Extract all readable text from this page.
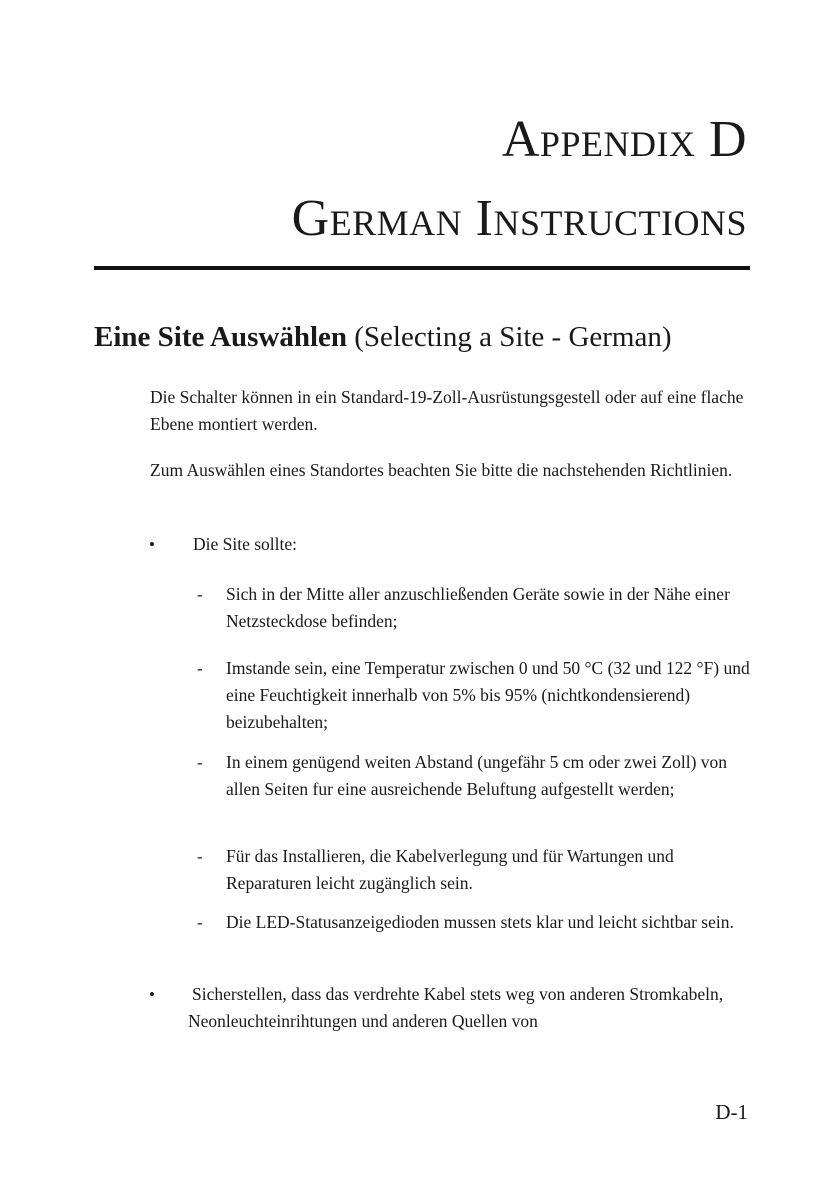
Appendix D
German Instructions
Eine Site Auswählen (Selecting a Site - German)

Die Schalter können in ein Standard-19-Zoll-Ausrüstungsgestell oder auf eine flache Ebene montiert werden.

Zum Auswählen eines Standortes beachten Sie bitte die nachstehenden Richtlinien.

• Die Site sollte:

- Sich in der Mitte aller anzuschließenden Geräte sowie in der Nähe einer Netzsteckdose befinden;

- Imstande sein, eine Temperatur zwischen 0 und 50 °C (32 und 122 °F) und eine Feuchtigkeit innerhalb von 5% bis 95% (nichtkondensierend) beizubehalten;

- In einem genügend weiten Abstand (ungefähr 5 cm oder zwei Zoll) von allen Seiten fur eine ausreichende Beluftung aufgestellt werden;

- Für das Installieren, die Kabelverlegung und für Wartungen und Reparaturen leicht zugänglich sein.

- Die LED-Statusanzeigedioden mussen stets klar und leicht sichtbar sein.

• Sicherstellen, dass das verdrehte Kabel stets weg von anderen Stromkabeln, Neonleuchteinrihtungen und anderen Quellen von

D-1
